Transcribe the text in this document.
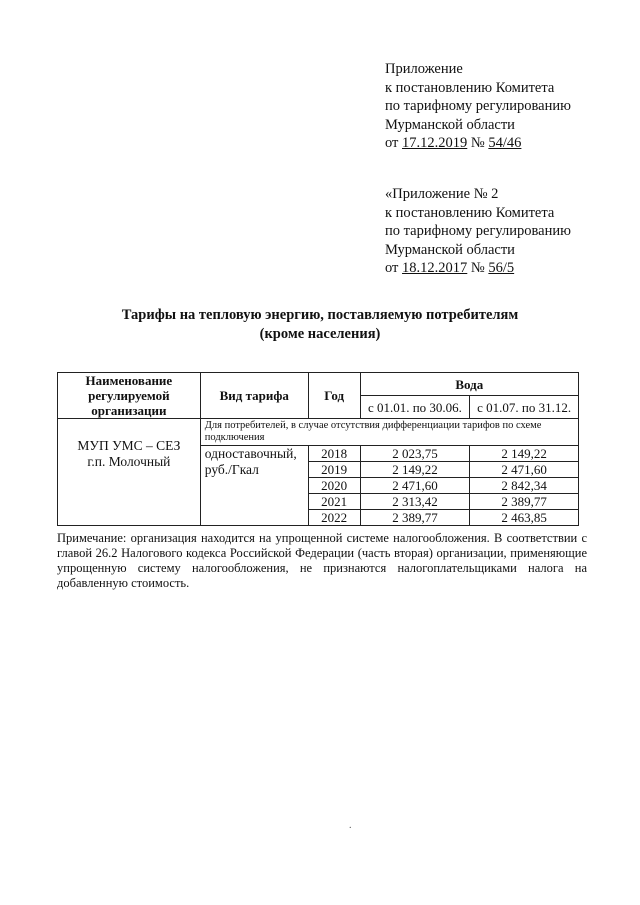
Приложение
к постановлению Комитета
по тарифному регулированию
Мурманской области
от 17.12.2019 № 54/46
«Приложение № 2
к постановлению Комитета
по тарифному регулированию
Мурманской области
от 18.12.2017 № 56/5
Тарифы на тепловую энергию, поставляемую потребителям
(кроме населения)
Наименование регулируемой организации	Вид тарифа	Год	Вода	
			с 01.01. по 30.06.	с 01.07. по 31.12.

МУП УМС – СЕЗ
г.п. Молочный	Для потребителей, в случае отсутствия дифференциации тарифов по схеме подключения			

	одноставочный,
руб./Гкал	2018	2 023,75	2 149,22
		2019	2 149,22	2 471,60
		2020	2 471,60	2 842,34
		2021	2 313,42	2 389,77
		2022	2 389,77	2 463,85
Примечание: организация находится на упрощенной системе налогообложения. В соответствии с главой 26.2 Налогового кодекса Российской Федерации (часть вторая) организации, применяющие упрощенную систему налогообложения, не признаются налогоплательщиками налога на добавленную стоимость.
.
